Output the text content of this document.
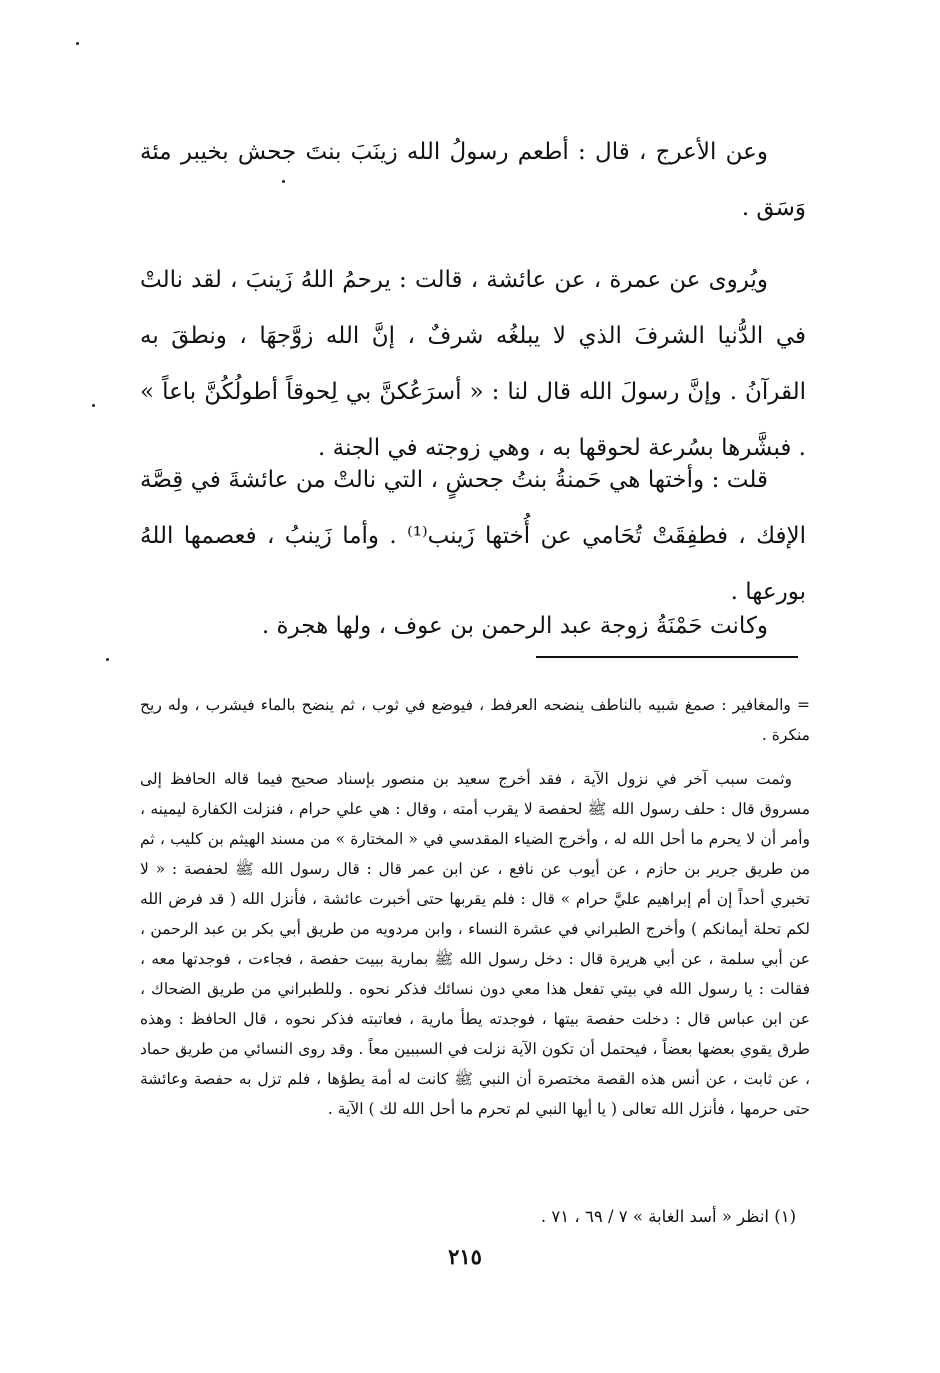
وعن الأعرج ، قال : أطعم رسولُ الله زينَبَ بنتَ جحش بخيبر مئة وَسَق .

ويُروى عن عمرة ، عن عائشة ، قالت : يرحمُ اللهُ زَينبَ ، لقد نالتْ في الدُّنيا الشرفَ الذي لا يبلغُه شرفٌ ، إنَّ الله زوَّجهَا ، ونطقَ به القرآنُ . وإنَّ رسولَ الله قال لنا : « أسرَعُكنَّ بي لِحوقاً أطولُكُنَّ باعاً » . فبشَّرها بسُرعة لحوقها به ، وهي زوجته في الجنة .

قلت : وأختها هي حَمنةُ بنتُ جحشٍ ، التي نالتْ من عائشةَ في قِصَّة الإفك ، فطفِقَتْ تُحَامي عن أُختها زَينب⁽¹⁾ . وأما زَينبُ ، فعصمها اللهُ بورعها .

وكانت حَمْنَةُ زوجة عبد الرحمن بن عوف ، ولها هجرة .

= والمغافير : صمغ شبيه بالناطف ينضحه العرفط ، فيوضع في ثوب ، ثم ينضح بالماء فيشرب ، وله ريح منكرة .

وثمت سبب آخر في نزول الآية ، فقد أخرج سعيد بن منصور بإسناد صحيح فيما قاله الحافظ إلى مسروق قال : حلف رسول الله ﷺ لحفصة لا يقرب أمته ، وقال : هي علي حرام ، فنزلت الكفارة ليمينه ، وأمر أن لا يحرم ما أحل الله له ، وأخرج الضياء المقدسي في « المختارة » من مسند الهيثم بن كليب ، ثم من طريق جرير بن حازم ، عن أيوب عن نافع ، عن ابن عمر قال : قال رسول الله ﷺ لحفصة : « لا تخبري أحداً إن أم إبراهيم عليَّ حرام » قال : فلم يقربها حتى أخبرت عائشة ، فأنزل الله ( قد فرض الله لكم تحلة أيمانكم ) وأخرج الطبراني في عشرة النساء ، وابن مردويه من طريق أبي بكر بن عبد الرحمن ، عن أبي سلمة ، عن أبي هريرة قال : دخل رسول الله ﷺ بمارية ببيت حفصة ، فجاءت ، فوجدتها معه ، فقالت : يا رسول الله في بيتي تفعل هذا معي دون نسائك فذكر نحوه . وللطبراني من طريق الضحاك ، عن ابن عباس قال : دخلت حفصة بيتها ، فوجدته يطأ مارية ، فعاتبته فذكر نحوه ، قال الحافظ : وهذه طرق يقوي بعضها بعضاً ، فيحتمل أن تكون الآية نزلت في السببين معاً . وقد روى النسائي من طريق حماد ، عن ثابت ، عن أنس هذه القصة مختصرة أن النبي ﷺ كانت له أمة يطؤها ، فلم تزل به حفصة وعائشة حتى حرمها ، فأنزل الله تعالى ( يا أيها النبي لم تحرم ما أحل الله لك ) الآية .

(١) انظر « أسد الغابة » ٧ / ٦٩ ، ٧١ .

٢١٥
